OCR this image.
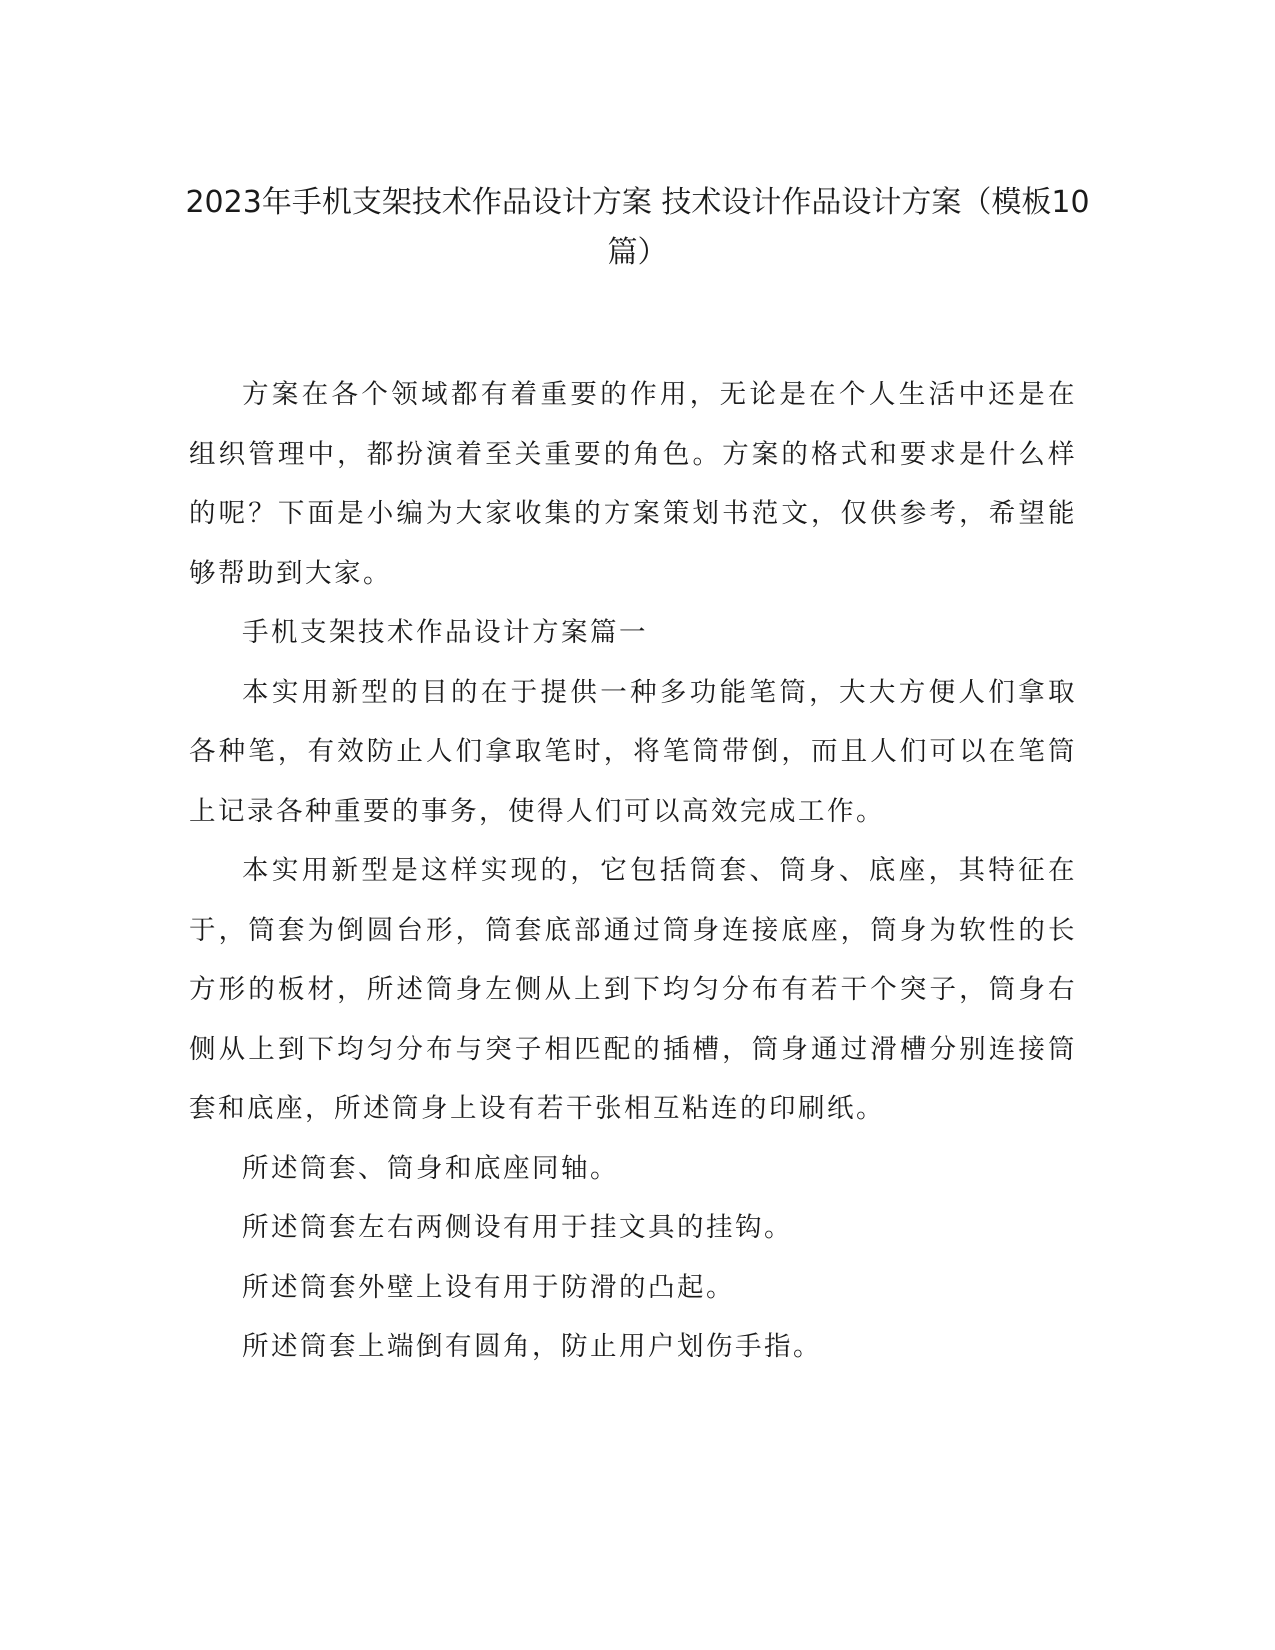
2023年手机支架技术作品设计方案 技术设计作品设计方案（模板10篇）

方案在各个领域都有着重要的作用，无论是在个人生活中还是在组织管理中，都扮演着至关重要的角色。方案的格式和要求是什么样的呢？下面是小编为大家收集的方案策划书范文，仅供参考，希望能够帮助到大家。

手机支架技术作品设计方案篇一

本实用新型的目的在于提供一种多功能笔筒，大大方便人们拿取各种笔，有效防止人们拿取笔时，将笔筒带倒，而且人们可以在笔筒上记录各种重要的事务，使得人们可以高效完成工作。

本实用新型是这样实现的，它包括筒套、筒身、底座，其特征在于，筒套为倒圆台形，筒套底部通过筒身连接底座，筒身为软性的长方形的板材，所述筒身左侧从上到下均匀分布有若干个突子，筒身右侧从上到下均匀分布与突子相匹配的插槽，筒身通过滑槽分别连接筒套和底座，所述筒身上设有若干张相互粘连的印刷纸。

所述筒套、筒身和底座同轴。

所述筒套左右两侧设有用于挂文具的挂钩。

所述筒套外壁上设有用于防滑的凸起。

所述筒套上端倒有圆角，防止用户划伤手指。
